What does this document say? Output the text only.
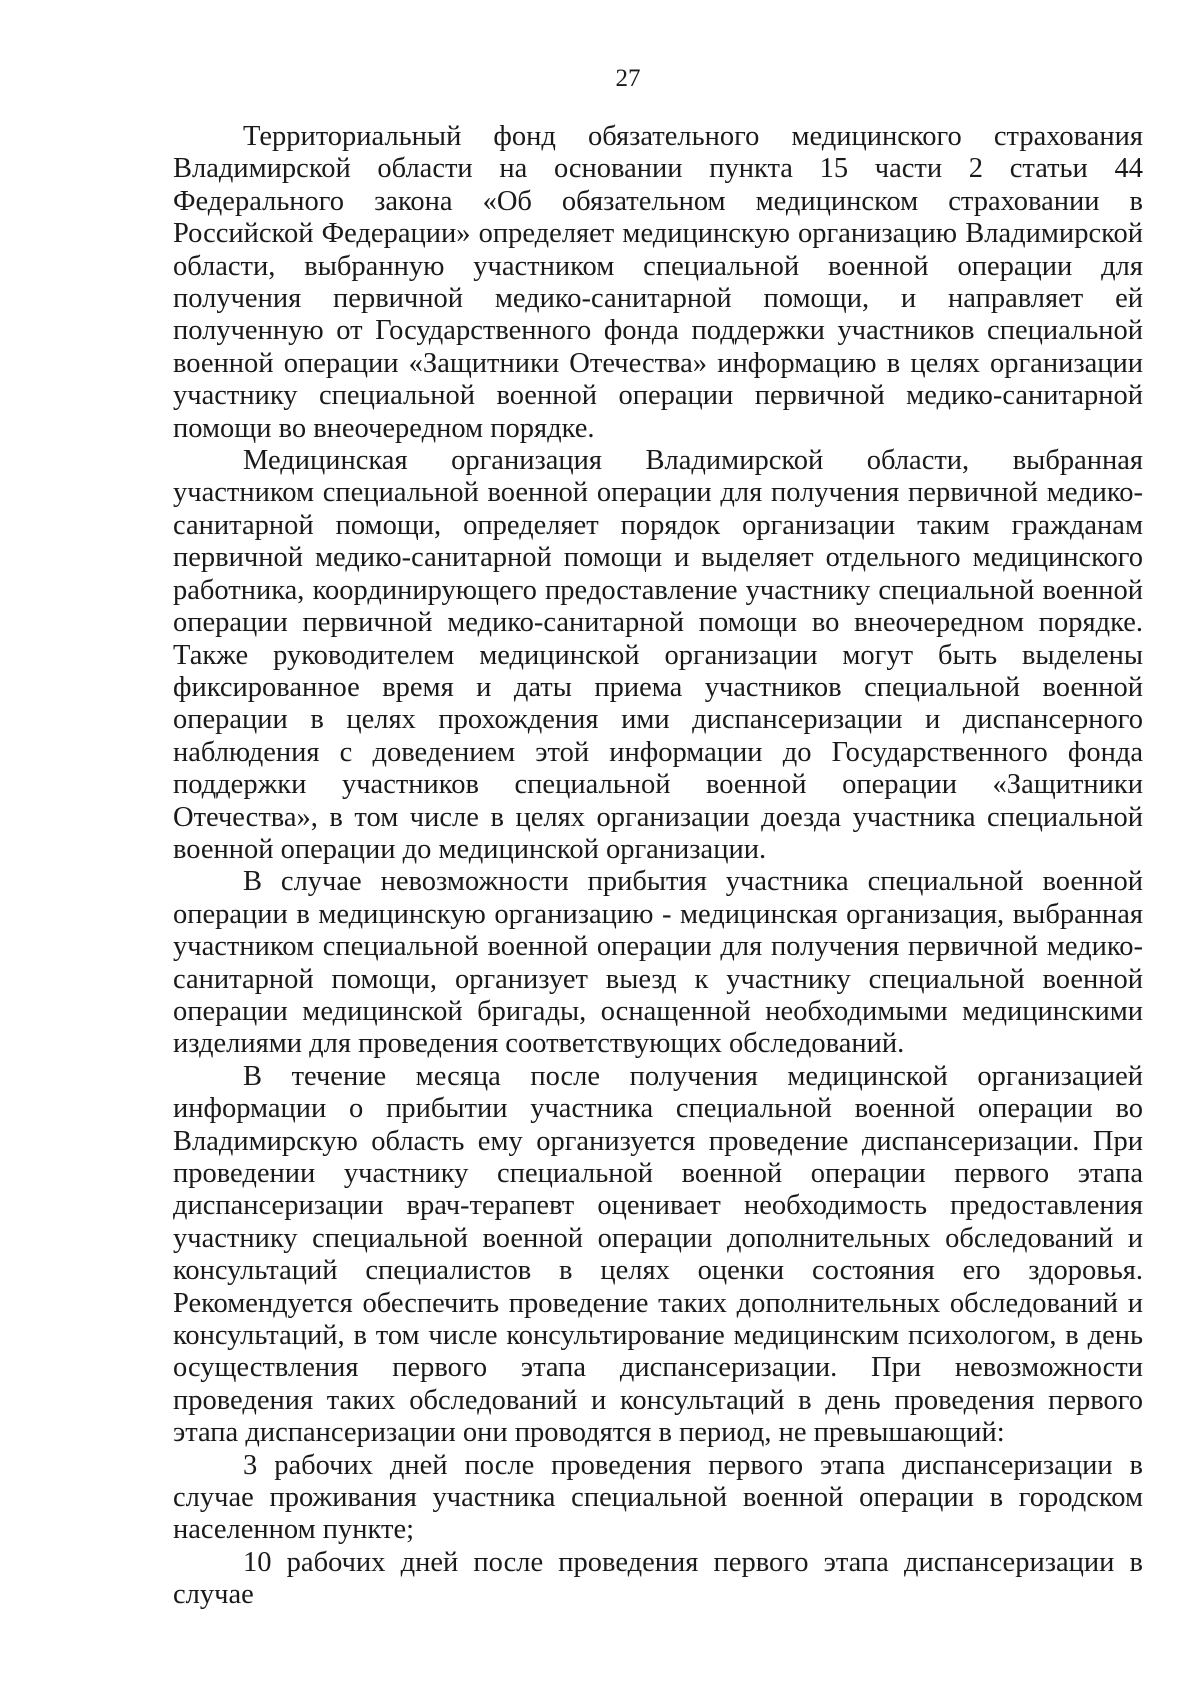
27

Территориальный фонд обязательного медицинского страхования Владимирской области на основании пункта 15 части 2 статьи 44 Федерального закона «Об обязательном медицинском страховании в Российской Федерации» определяет медицинскую организацию Владимирской области, выбранную участником специальной военной операции для получения первичной медико-санитарной помощи, и направляет ей полученную от Государственного фонда поддержки участников специальной военной операции «Защитники Отечества» информацию в целях организации участнику специальной военной операции первичной медико-санитарной помощи во внеочередном порядке.

Медицинская организация Владимирской области, выбранная участником специальной военной операции для получения первичной медико-санитарной помощи, определяет порядок организации таким гражданам первичной медико-санитарной помощи и выделяет отдельного медицинского работника, координирующего предоставление участнику специальной военной операции первичной медико-санитарной помощи во внеочередном порядке. Также руководителем медицинской организации могут быть выделены фиксированное время и даты приема участников специальной военной операции в целях прохождения ими диспансеризации и диспансерного наблюдения с доведением этой информации до Государственного фонда поддержки участников специальной военной операции «Защитники Отечества», в том числе в целях организации доезда участника специальной военной операции до медицинской организации.

В случае невозможности прибытия участника специальной военной операции в медицинскую организацию - медицинская организация, выбранная участником специальной военной операции для получения первичной медико-санитарной помощи, организует выезд к участнику специальной военной операции медицинской бригады, оснащенной необходимыми медицинскими изделиями для проведения соответствующих обследований.

В течение месяца после получения медицинской организацией информации о прибытии участника специальной военной операции во Владимирскую область ему организуется проведение диспансеризации. При проведении участнику специальной военной операции первого этапа диспансеризации врач-терапевт оценивает необходимость предоставления участнику специальной военной операции дополнительных обследований и консультаций специалистов в целях оценки состояния его здоровья. Рекомендуется обеспечить проведение таких дополнительных обследований и консультаций, в том числе консультирование медицинским психологом, в день осуществления первого этапа диспансеризации. При невозможности проведения таких обследований и консультаций в день проведения первого этапа диспансеризации они проводятся в период, не превышающий:

3 рабочих дней после проведения первого этапа диспансеризации в случае проживания участника специальной военной операции в городском населенном пункте;

10 рабочих дней после проведения первого этапа диспансеризации в случае
